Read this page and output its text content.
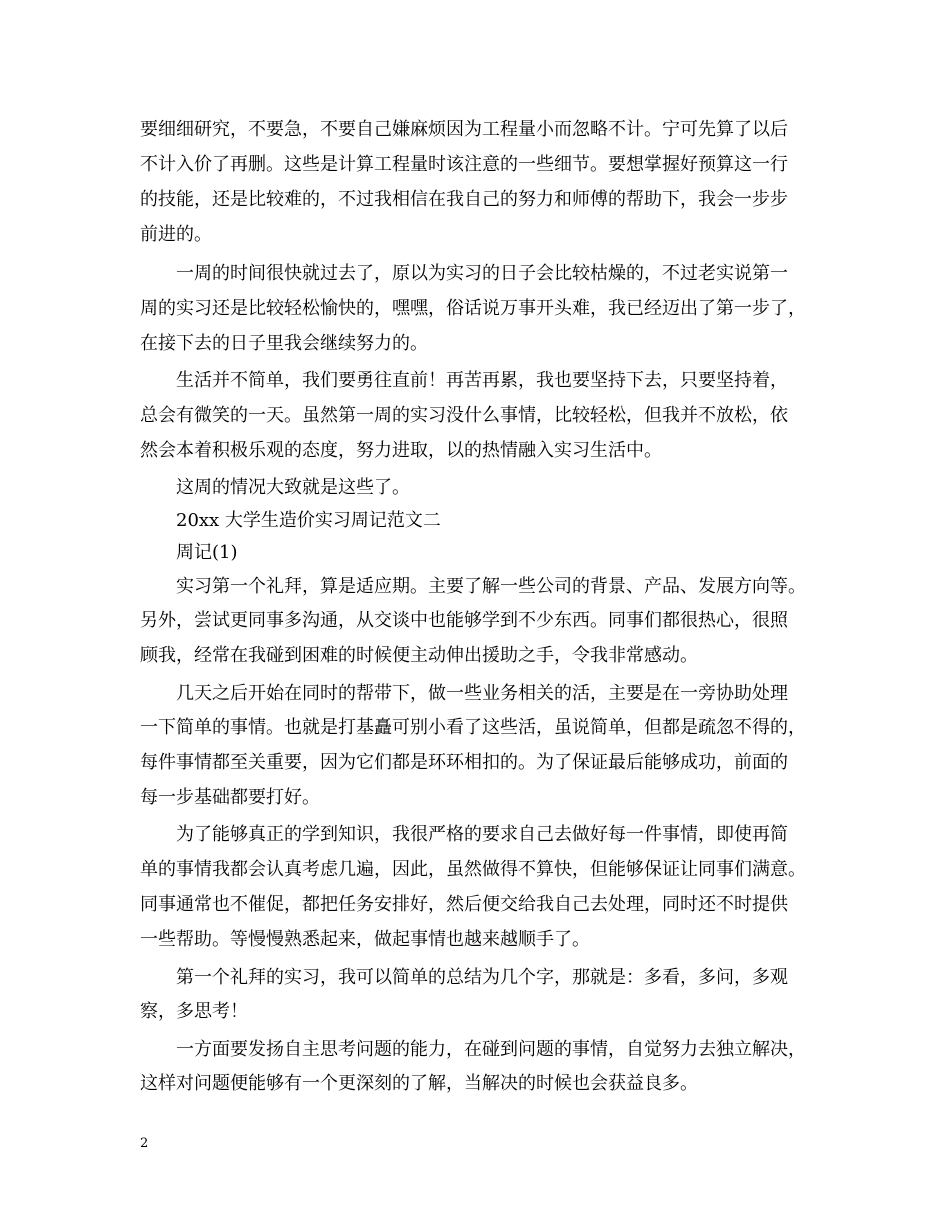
要细细研究，不要急，不要自己嫌麻烦因为工程量小而忽略不计。宁可先算了以后
不计入价了再删。这些是计算工程量时该注意的一些细节。要想掌握好预算这一行
的技能，还是比较难的，不过我相信在我自己的努力和师傅的帮助下，我会一步步
前进的。
一周的时间很快就过去了，原以为实习的日子会比较枯燥的，不过老实说第一
周的实习还是比较轻松愉快的，嘿嘿，俗话说万事开头难，我已经迈出了第一步了，
在接下去的日子里我会继续努力的。
生活并不简单，我们要勇往直前！再苦再累，我也要坚持下去，只要坚持着，
总会有微笑的一天。虽然第一周的实习没什么事情，比较轻松，但我并不放松，依
然会本着积极乐观的态度，努力进取，以的热情融入实习生活中。
这周的情况大致就是这些了。
20xx 大学生造价实习周记范文二
周记(1)
实习第一个礼拜，算是适应期。主要了解一些公司的背景、产品、发展方向等。
另外，尝试更同事多沟通，从交谈中也能够学到不少东西。同事们都很热心，很照
顾我，经常在我碰到困难的时候便主动伸出援助之手，令我非常感动。
几天之后开始在同时的帮带下，做一些业务相关的活，主要是在一旁协助处理
一下简单的事情。也就是打基矗可别小看了这些活，虽说简单，但都是疏忽不得的，
每件事情都至关重要，因为它们都是环环相扣的。为了保证最后能够成功，前面的
每一步基础都要打好。
为了能够真正的学到知识，我很严格的要求自己去做好每一件事情，即使再简
单的事情我都会认真考虑几遍，因此，虽然做得不算快，但能够保证让同事们满意。
同事通常也不催促，都把任务安排好，然后便交给我自己去处理，同时还不时提供
一些帮助。等慢慢熟悉起来，做起事情也越来越顺手了。
第一个礼拜的实习，我可以简单的总结为几个字，那就是：多看，多问，多观
察，多思考！
一方面要发扬自主思考问题的能力，在碰到问题的事情，自觉努力去独立解决，
这样对问题便能够有一个更深刻的了解，当解决的时候也会获益良多。
2
